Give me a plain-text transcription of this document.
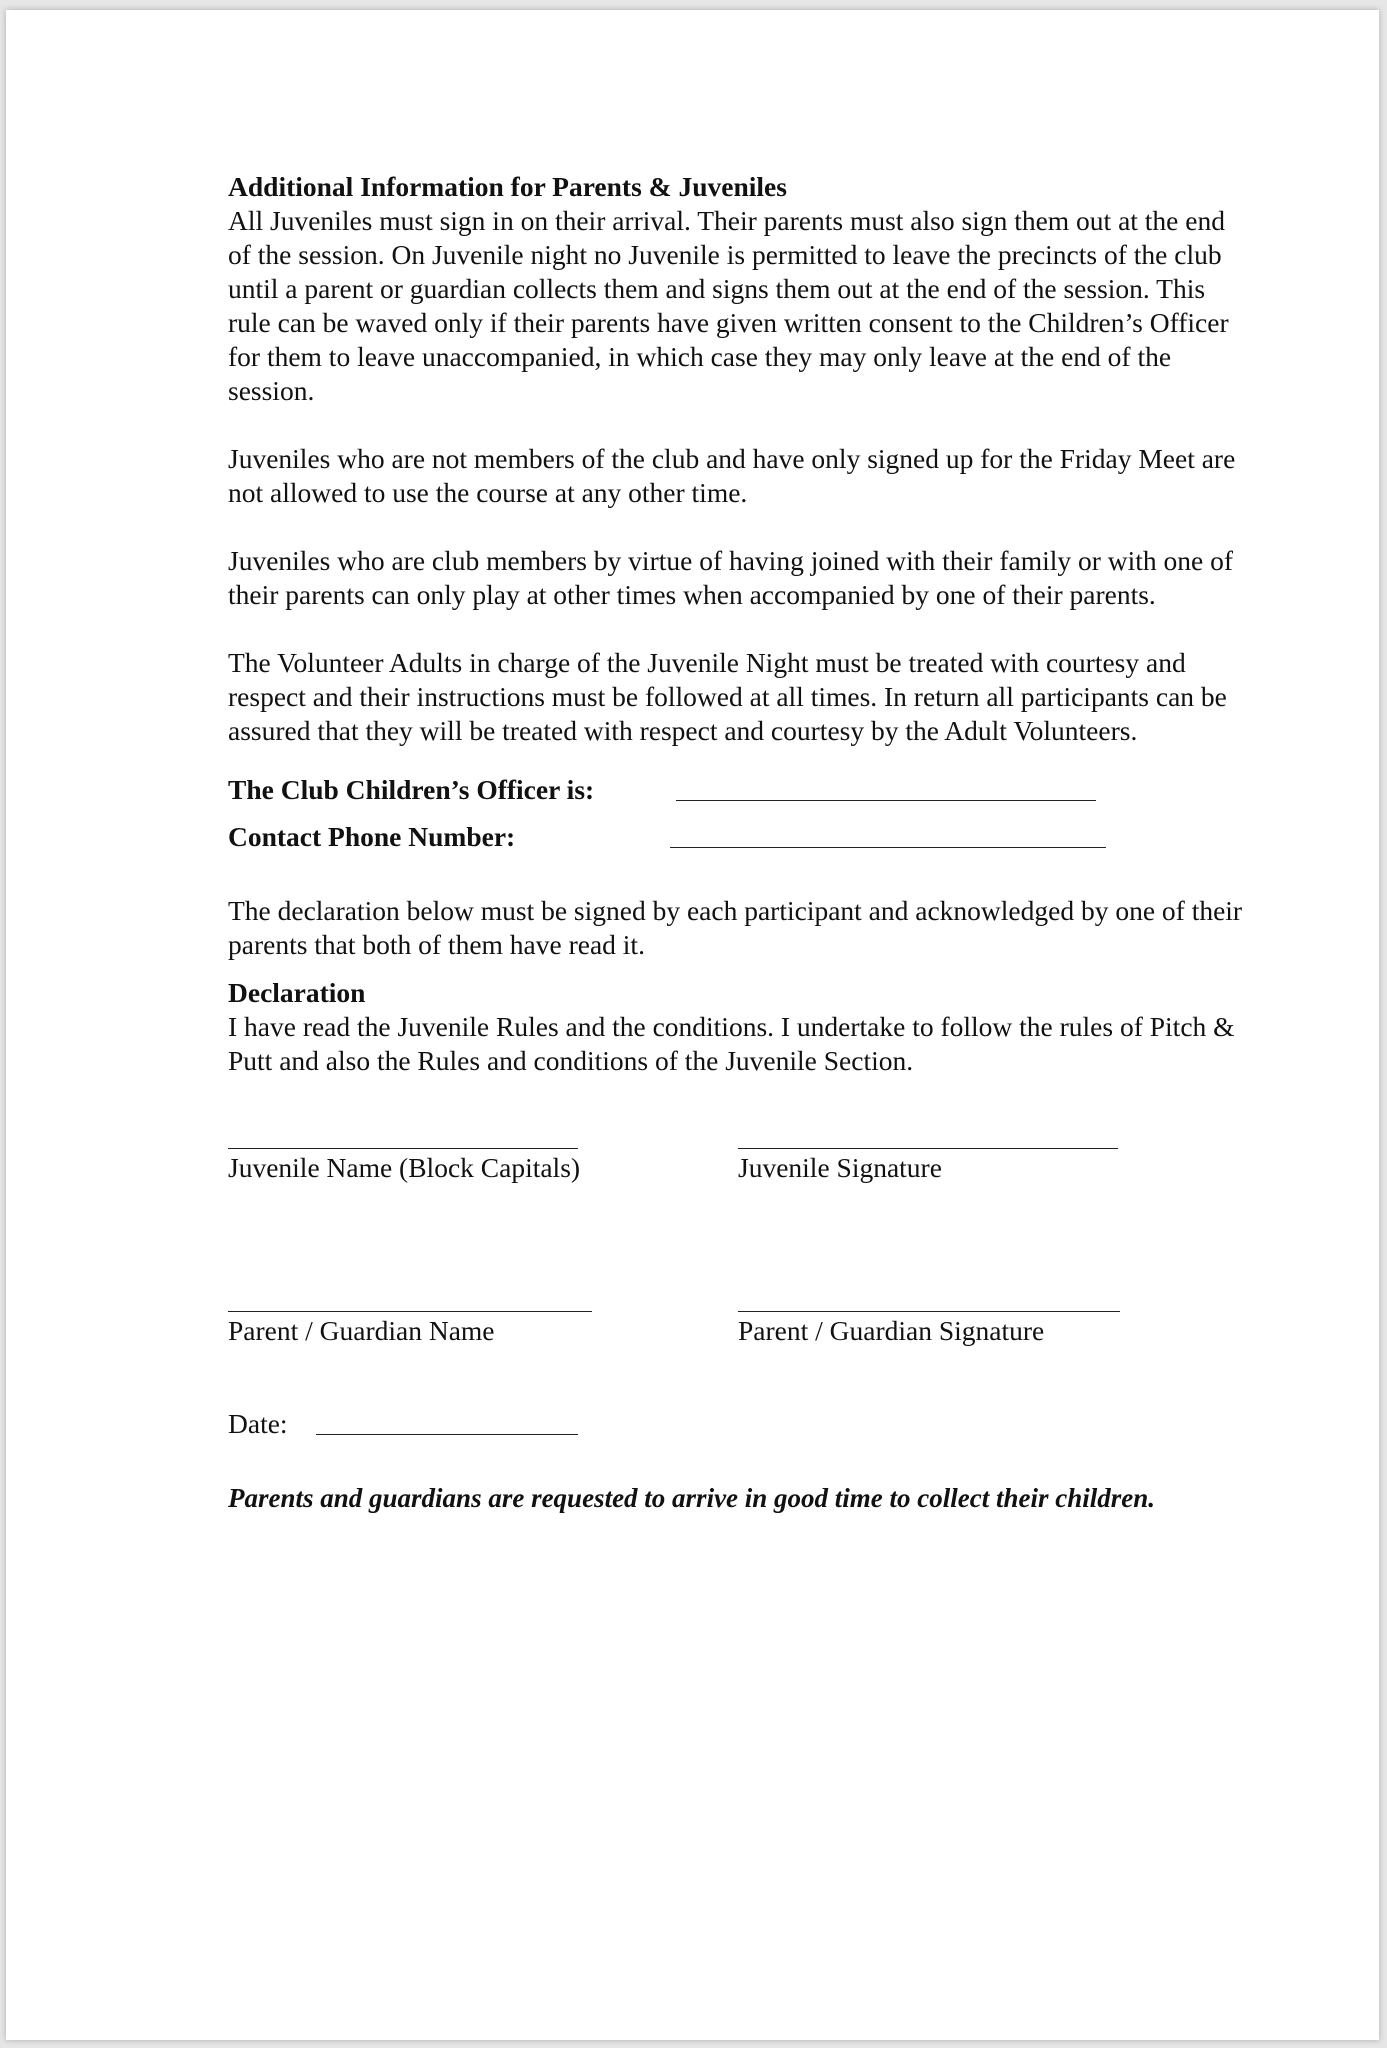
Additional Information for Parents & Juveniles

All Juveniles must sign in on their arrival. Their parents must also sign them out at the end of the session. On Juvenile night no Juvenile is permitted to leave the precincts of the club until a parent or guardian collects them and signs them out at the end of the session. This rule can be waved only if their parents have given written consent to the Children’s Officer for them to leave unaccompanied, in which case they may only leave at the end of the session.

Juveniles who are not members of the club and have only signed up for the Friday Meet are not allowed to use the course at any other time.

Juveniles who are club members by virtue of having joined with their family or with one of their parents can only play at other times when accompanied by one of their parents.

The Volunteer Adults in charge of the Juvenile Night must be treated with courtesy and respect and their instructions must be followed at all times. In return all participants can be assured that they will be treated with respect and courtesy by the Adult Volunteers.

The Club Children’s Officer is:
Contact Phone Number:

The declaration below must be signed by each participant and acknowledged by one of their parents that both of them have read it.

Declaration

I have read the Juvenile Rules and the conditions. I undertake to follow the rules of Pitch & Putt and also the Rules and conditions of the Juvenile Section.

Juvenile Name (Block Capitals)	Juvenile Signature
Parent / Guardian Name	Parent / Guardian Signature
Date:

Parents and guardians are requested to arrive in good time to collect their children.
